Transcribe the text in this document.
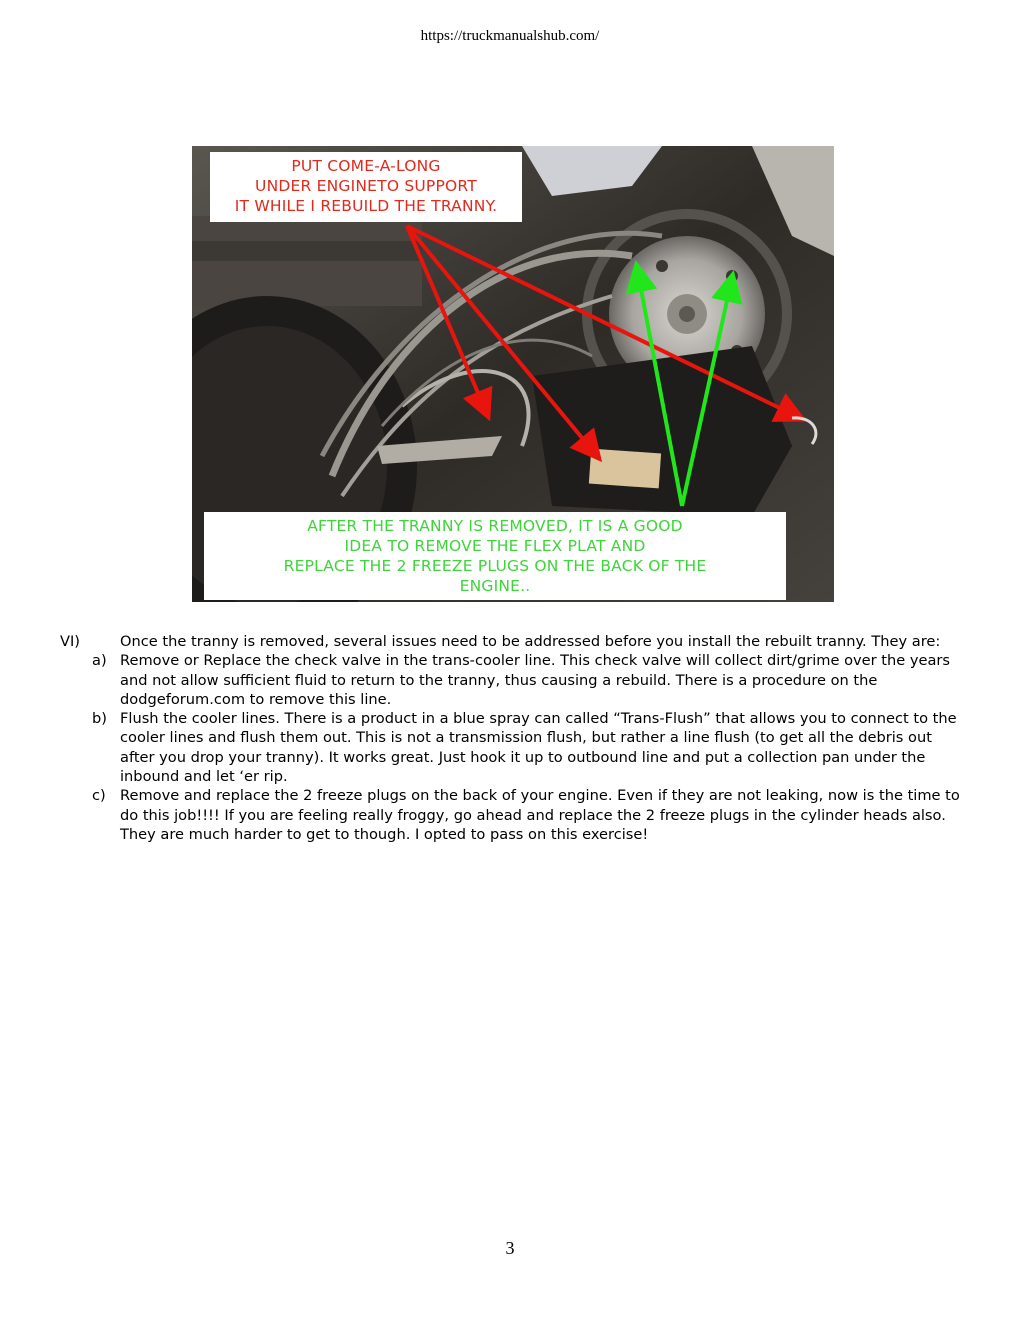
https://truckmanualshub.com/
PUT COME-A-LONG
UNDER ENGINETO SUPPORT
IT WHILE I REBUILD THE TRANNY.
AFTER THE TRANNY IS REMOVED, IT IS A GOOD
IDEA TO REMOVE THE FLEX PLAT AND
REPLACE THE 2 FREEZE PLUGS ON THE BACK OF THE
ENGINE..
VI)	Once the tranny is removed, several issues need to be addressed before you install the rebuilt tranny. They are:
a) Remove or Replace the check valve in the trans-cooler line. This check valve will collect dirt/grime over the years and not allow sufficient fluid to return to the tranny, thus causing a rebuild. There is a procedure on the dodgeforum.com to remove this line.
b) Flush the cooler lines. There is a product in a blue spray can called “Trans-Flush” that allows you to connect to the cooler lines and flush them out. This is not a transmission flush, but rather a line flush (to get all the debris out after you drop your tranny). It works great. Just hook it up to outbound line and put a collection pan under the inbound and let ‘er rip.
c) Remove and replace the 2 freeze plugs on the back of your engine. Even if they are not leaking, now is the time to do this job!!!! If you are feeling really froggy, go ahead and replace the 2 freeze plugs in the cylinder heads also. They are much harder to get to though. I opted to pass on this exercise!
3
